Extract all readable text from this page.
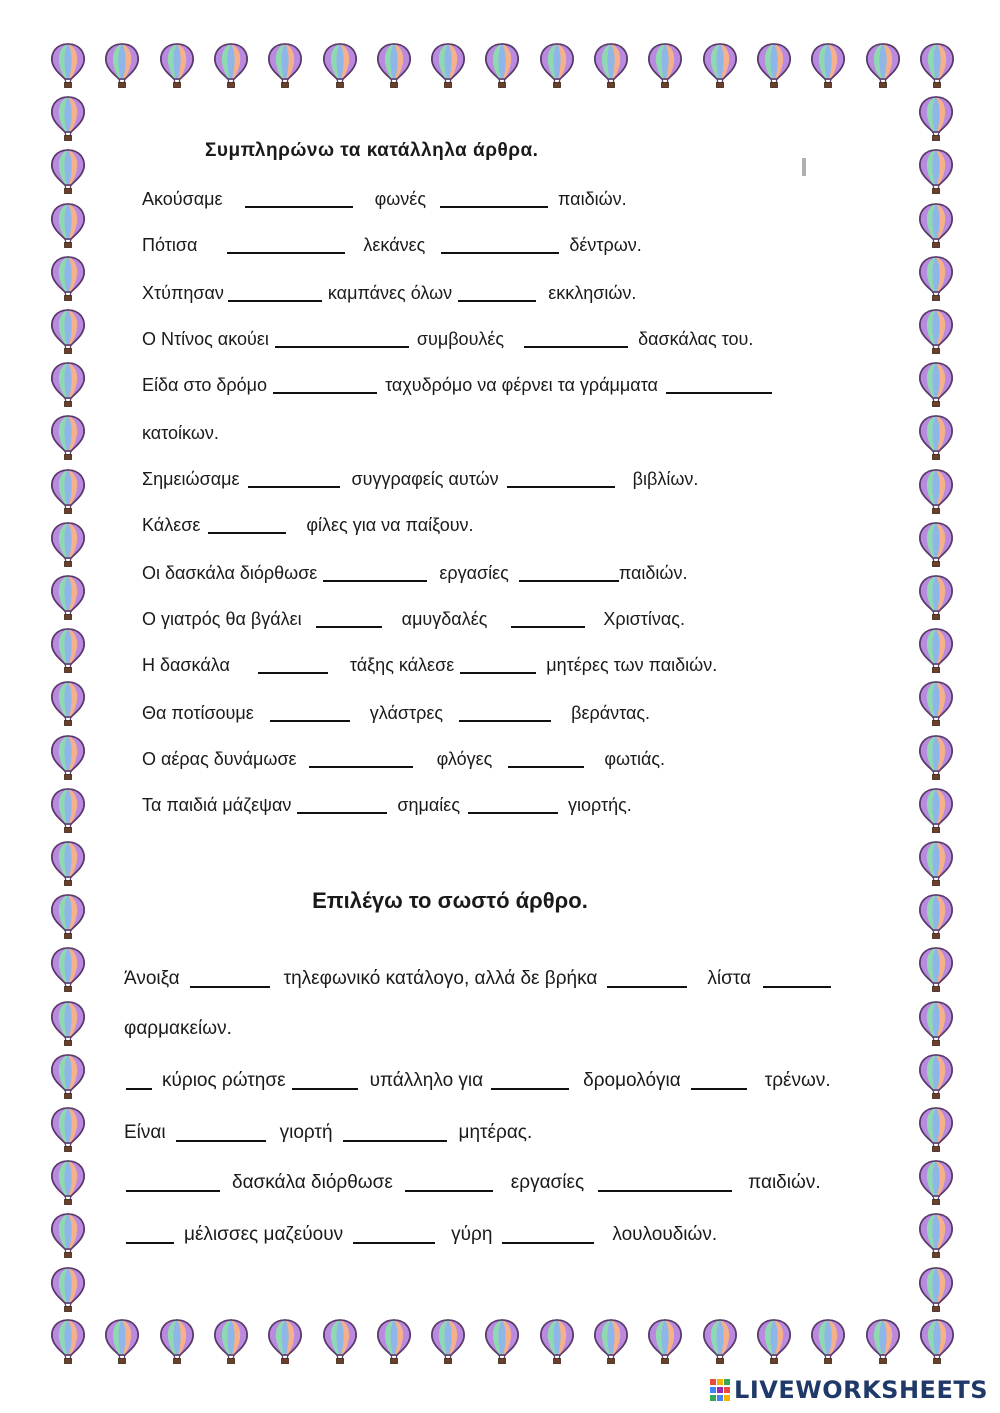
Συμπληρώνω τα κατάλληλα άρθρα.
Ακούσαμε	φωνές	παιδιών.
Πότισα	λεκάνες	δέντρων.
Χτύπησαν	καμπάνες όλων	εκκλησιών.
Ο Ντίνος ακούει	συμβουλές	δασκάλας του.
Είδα στο δρόμο	ταχυδρόμο να φέρνει τα γράμματα
κατοίκων.
Σημειώσαμε	συγγραφείς αυτών	βιβλίων.
Κάλεσε	φίλες για να παίξουν.
Οι δασκάλα διόρθωσε	εργασίες	παιδιών.
Ο γιατρός θα βγάλει	αμυγδαλές	Χριστίνας.
Η δασκάλα	τάξης κάλεσε	μητέρες των παιδιών.
Θα ποτίσουμε	γλάστρες	βεράντας.
Ο αέρας δυνάμωσε	φλόγες	φωτιάς.
Τα παιδιά μάζεψαν	σημαίες	γιορτής.
Επιλέγω το σωστό άρθρο.
Άνοιξα	τηλεφωνικό κατάλογο, αλλά δε βρήκα	λίστα
φαρμακείων.
κύριος ρώτησε	υπάλληλο για	δρομολόγια	τρένων.
Είναι	γιορτή	μητέρας.
δασκάλα διόρθωσε	εργασίες	παιδιών.
μέλισσες μαζεύουν	γύρη	λουλουδιών.
LIVEWORKSHEETS
